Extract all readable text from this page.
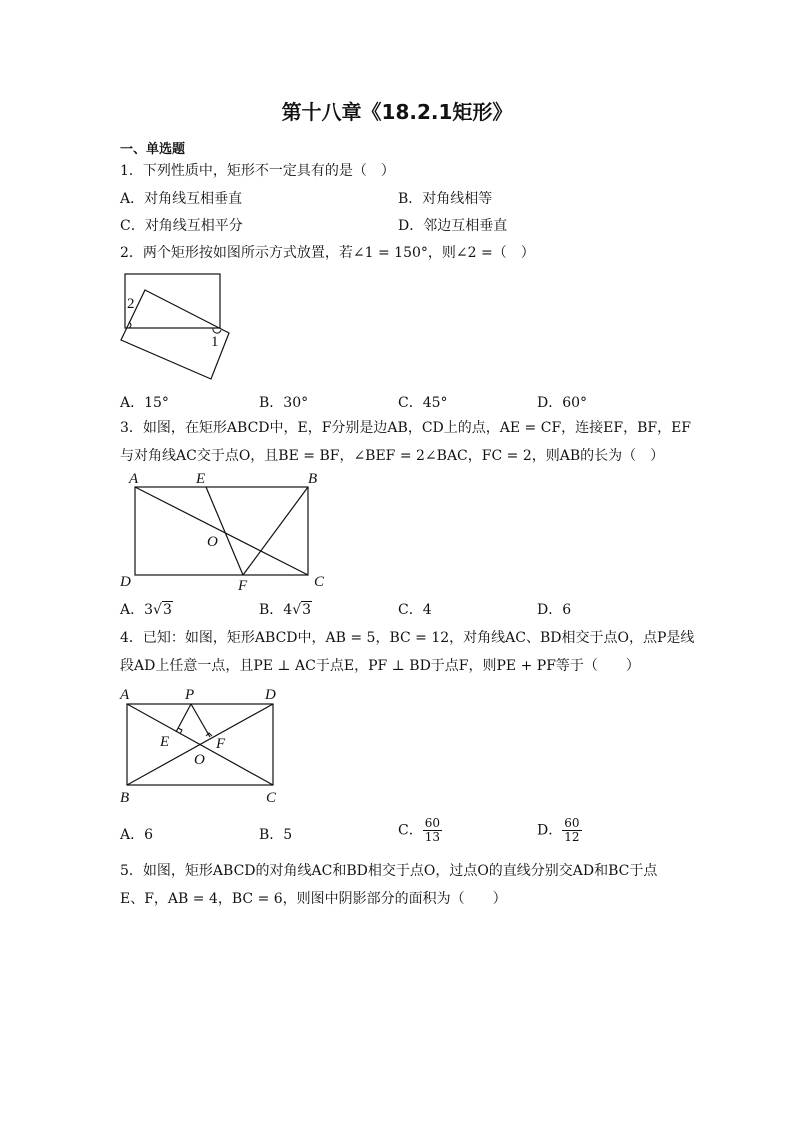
第十八章《18.2.1矩形》
一、单选题
1．下列性质中，矩形不一定具有的是（　）
A．对角线互相垂直	B．对角线相等
C．对角线互相平分	D．邻边互相垂直
2．两个矩形按如图所示方式放置，若∠1 = 150°，则∠2 =（　）
2
1
A．15°	B．30°	C．45°	D．60°
3．如图，在矩形ABCD中，E，F分别是边AB，CD上的点，AE = CF，连接EF，BF，EF
与对角线AC交于点O，且BE = BF，∠BEF = 2∠BAC，FC = 2，则AB的长为（　）
A	E	B
O
D	F	C
A．3√3	B．4√3	C．4	D．6
4．已知：如图，矩形ABCD中，AB = 5，BC = 12，对角线AC、BD相交于点O，点P是线
段AD上任意一点，且PE ⊥ AC于点E，PF ⊥ BD于点F，则PE + PF等于（　　）
A	P	D
E	F
O
B	C
A．6	B．5	C． $\frac{60}{13}$	D． $\frac{60}{12}$
5．如图，矩形ABCD的对角线AC和BD相交于点O，过点O的直线分别交AD和BC于点
E、F，AB = 4，BC = 6，则图中阴影部分的面积为（　　）
